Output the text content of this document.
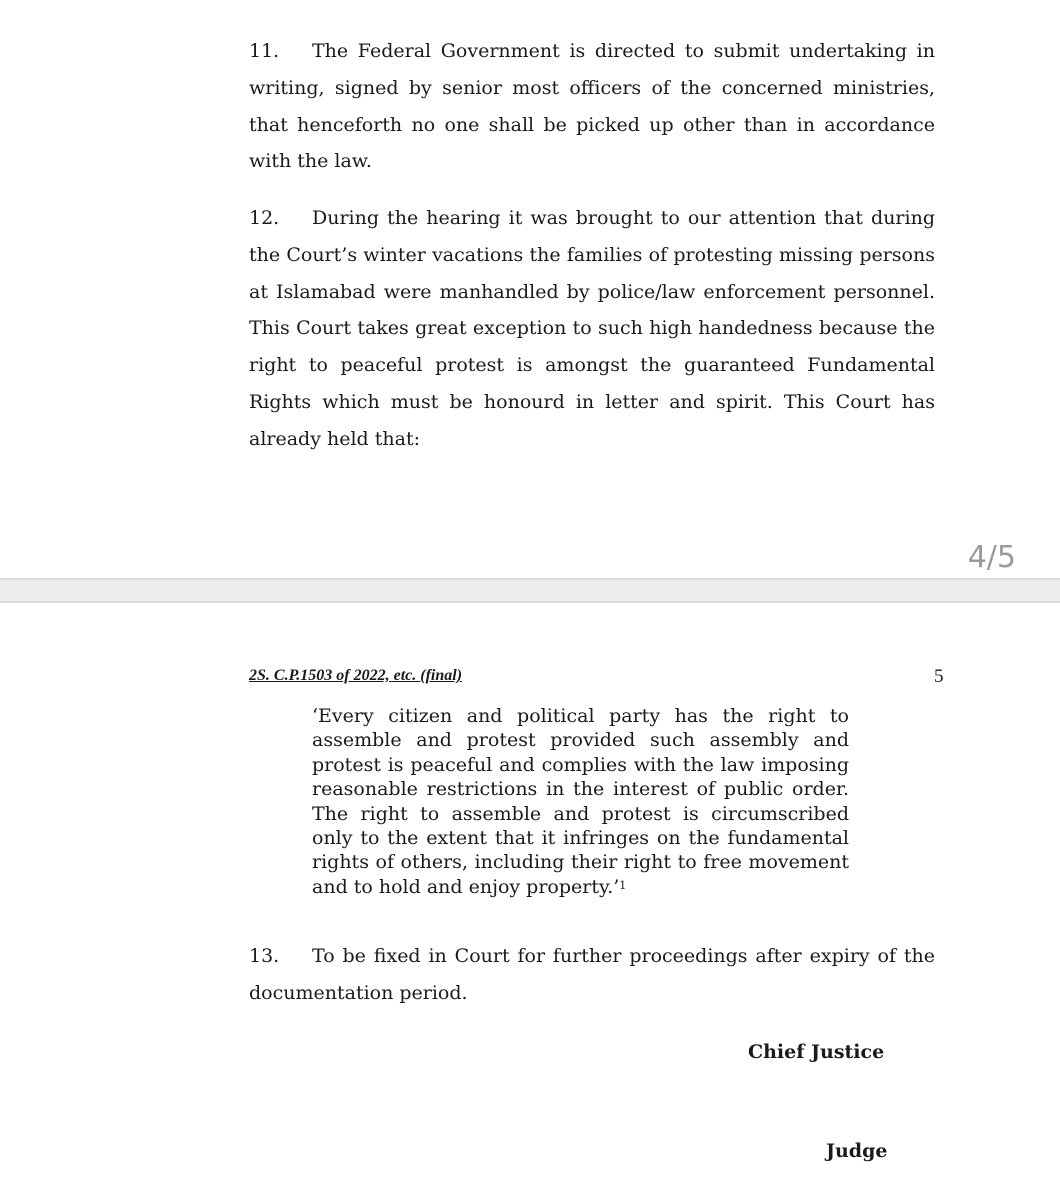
11. The Federal Government is directed to submit undertaking in writing, signed by senior most officers of the concerned ministries, that henceforth no one shall be picked up other than in accordance with the law.

12. During the hearing it was brought to our attention that during the Court’s winter vacations the families of protesting missing persons at Islamabad were manhandled by police/law enforcement personnel. This Court takes great exception to such high handedness because the right to peaceful protest is amongst the guaranteed Fundamental Rights which must be honourd in letter and spirit. This Court has already held that:

4/5
2S. C.P.1503 of 2022, etc. (final)	5

‘Every citizen and political party has the right to assemble and protest provided such assembly and protest is peaceful and complies with the law imposing reasonable restrictions in the interest of public order. The right to assemble and protest is circumscribed only to the extent that it infringes on the fundamental rights of others, including their right to free movement and to hold and enjoy property.’$^1$

13. To be fixed in Court for further proceedings after expiry of the documentation period.

Chief Justice
Judge
